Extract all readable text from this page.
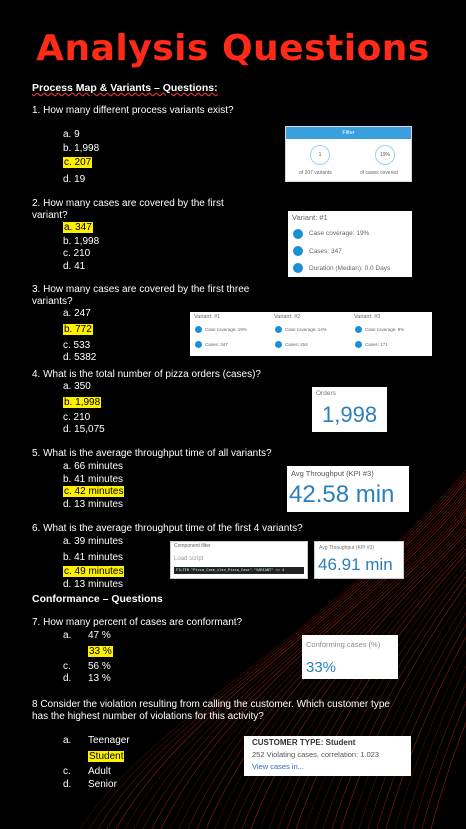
Analysis Questions
Process Map & Variants – Questions:
1. How many different process variants exist?
a. 9
b. 1,998
c. 207
d. 19
Filter
1	19%
of 207 variants	of cases covered
2. How many cases are covered by the first variant?
a. 347
b. 1,998
c. 210
d. 41
Variant: #1
Case coverage: 19%
Cases: 347
Duration (Median): 0.0 Days
3. How many cases are covered by the first three variants?
a. 247
b. 772
c. 533
d. 5382
Variant: #1
Case coverage: 19%
Cases: 347
Variant: #2
Case coverage: 14%
Cases: 254
Variant: #3
Case coverage: 9%
Cases: 171
4. What is the total number of pizza orders (cases)?
a. 350
b. 1,998
c. 210
d. 15,075
Orders
1,998
5. What is the average throughput time of all variants?
a. 66 minutes
b. 41 minutes
c. 42 minutes
d. 13 minutes
Avg Throughput (KPI #3)
42.58 min
6. What is the average throughput time of the first 4 variants?
a. 39 minutes
b. 41 minutes
c. 49 minutes
d. 13 minutes
Component filter
Load script
FILTER "Pizza_Case_xlsx_Pizza_Case"."VARIANT" <= 4
Avg Throughput (KPI #3)
46.91 min
Conformance – Questions
7. How many percent of cases are conformant?
a. 47 %
33 %
c. 56 %
d. 13 %
Conforming cases (%)
33%
8 Consider the violation resulting from calling the customer. Which customer type has the highest number of violations for this activity?
a. Teenager
Student
c. Adult
d. Senior
CUSTOMER TYPE: Student
252 Violating cases, correlation: 1.023
View cases in...
